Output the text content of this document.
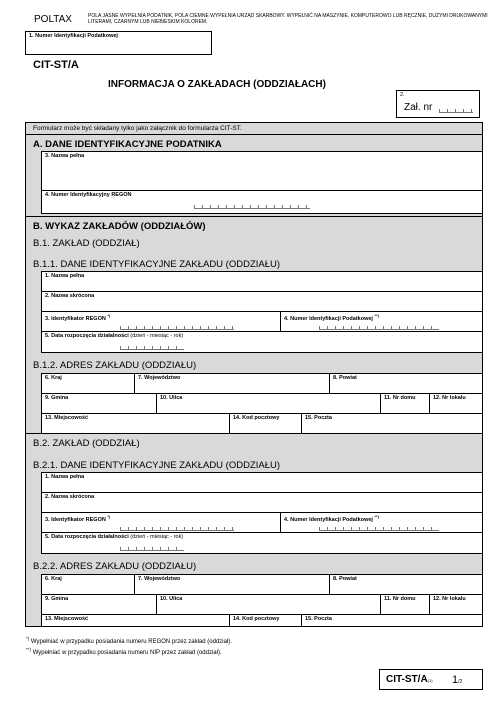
POLTAX	POLA JASNE WYPEŁNIA PODATNIK, POLA CIEMNE WYPEŁNIA URZĄD SKARBOWY. WYPEŁNIĆ NA MASZYNIE, KOMPUTEROWO LUB RĘCZNIE, DUŻYMI DRUKOWANYMI LITERAMI, CZARNYM LUB NIEBIESKIM KOLOREM.
1. Numer Identyfikacji Podatkowej
CIT-ST/A
INFORMACJA O ZAKŁADACH (ODDZIAŁACH)
2.
Zał. nr
Formularz może być składany tylko jako załącznik do formularza CIT-ST.
A. DANE IDENTYFIKACYJNE PODATNIKA
3. Nazwa pełna
4. Numer Identyfikacyjny REGON
B. WYKAZ ZAKŁADÓW (ODDZIAŁÓW)
B.1. ZAKŁAD (ODDZIAŁ)
B.1.1. DANE IDENTYFIKACYJNE ZAKŁADU (ODDZIAŁU)
1. Nazwa pełna
2. Nazwa skrócona
3. Identyfikator REGON *)
4. Numer Identyfikacji Podatkowej **)
5. Data rozpoczęcia działalności (dzień - miesiąc - rok)
B.1.2. ADRES ZAKŁADU (ODDZIAŁU)
6. Kraj	7. Województwo	8. Powiat
9. Gmina	10. Ulica	11. Nr domu	12. Nr lokalu
13. Miejscowość	14. Kod pocztowy	15. Poczta
B.2. ZAKŁAD (ODDZIAŁ)
B.2.1. DANE IDENTYFIKACYJNE ZAKŁADU (ODDZIAŁU)
1. Nazwa pełna
2. Nazwa skrócona
3. Identyfikator REGON *)
4. Numer Identyfikacji Podatkowej **)
5. Data rozpoczęcia działalności (dzień - miesiąc - rok)
B.2.2. ADRES ZAKŁADU (ODDZIAŁU)
6. Kraj	7. Województwo	8. Powiat
9. Gmina	10. Ulica	11. Nr domu	12. Nr lokalu
13. Miejscowość	14. Kod pocztowy	15. Poczta
*) Wypełniać w przypadku posiadania numeru REGON przez zakład (oddział).
**) Wypełniać w przypadku posiadania numeru NIP przez zakład (oddział).
CIT-ST/A(1) 1/2
